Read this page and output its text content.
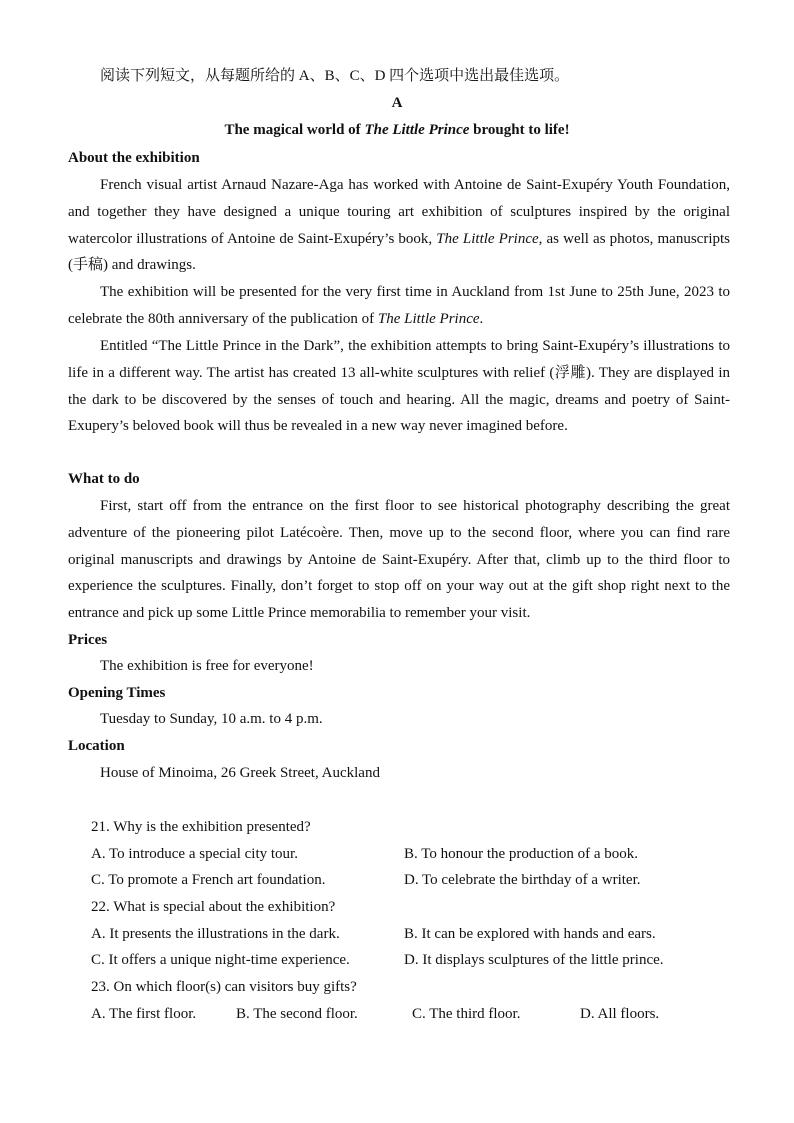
阅读下列短文，从每题所给的 A、B、C、D 四个选项中选出最佳选项。
A
The magical world of The Little Prince brought to life!
About the exhibition

French visual artist Arnaud Nazare-Aga has worked with Antoine de Saint-Exupéry Youth Foundation, and together they have designed a unique touring art exhibition of sculptures inspired by the original watercolor illustrations of Antoine de Saint-Exupéry’s book, The Little Prince, as well as photos, manuscripts (手稿) and drawings.

The exhibition will be presented for the very first time in Auckland from 1st June to 25th June, 2023 to celebrate the 80th anniversary of the publication of The Little Prince.

Entitled “The Little Prince in the Dark”, the exhibition attempts to bring Saint-Exupéry’s illustrations to life in a different way. The artist has created 13 all-white sculptures with relief (浮雕). They are displayed in the dark to be discovered by the senses of touch and hearing. All the magic, dreams and poetry of Saint-Exupery’s beloved book will thus be revealed in a new way never imagined before.

What to do

First, start off from the entrance on the first floor to see historical photography describing the great adventure of the pioneering pilot Latécoère. Then, move up to the second floor, where you can find rare original manuscripts and drawings by Antoine de Saint-Exupéry. After that, climb up to the third floor to experience the sculptures. Finally, don’t forget to stop off on your way out at the gift shop right next to the entrance and pick up some Little Prince memorabilia to remember your visit.

Prices
The exhibition is free for everyone!
Opening Times
Tuesday to Sunday, 10 a.m. to 4 p.m.
Location
House of Minoima, 26 Greek Street, Auckland
21. Why is the exhibition presented?
A. To introduce a special city tour.	B. To honour the production of a book.
C. To promote a French art foundation.	D. To celebrate the birthday of a writer.
22. What is special about the exhibition?
A. It presents the illustrations in the dark.	B. It can be explored with hands and ears.
C. It offers a unique night-time experience.	D. It displays sculptures of the little prince.
23. On which floor(s) can visitors buy gifts?
A. The first floor.	B. The second floor.	C. The third floor.	D. All floors.
